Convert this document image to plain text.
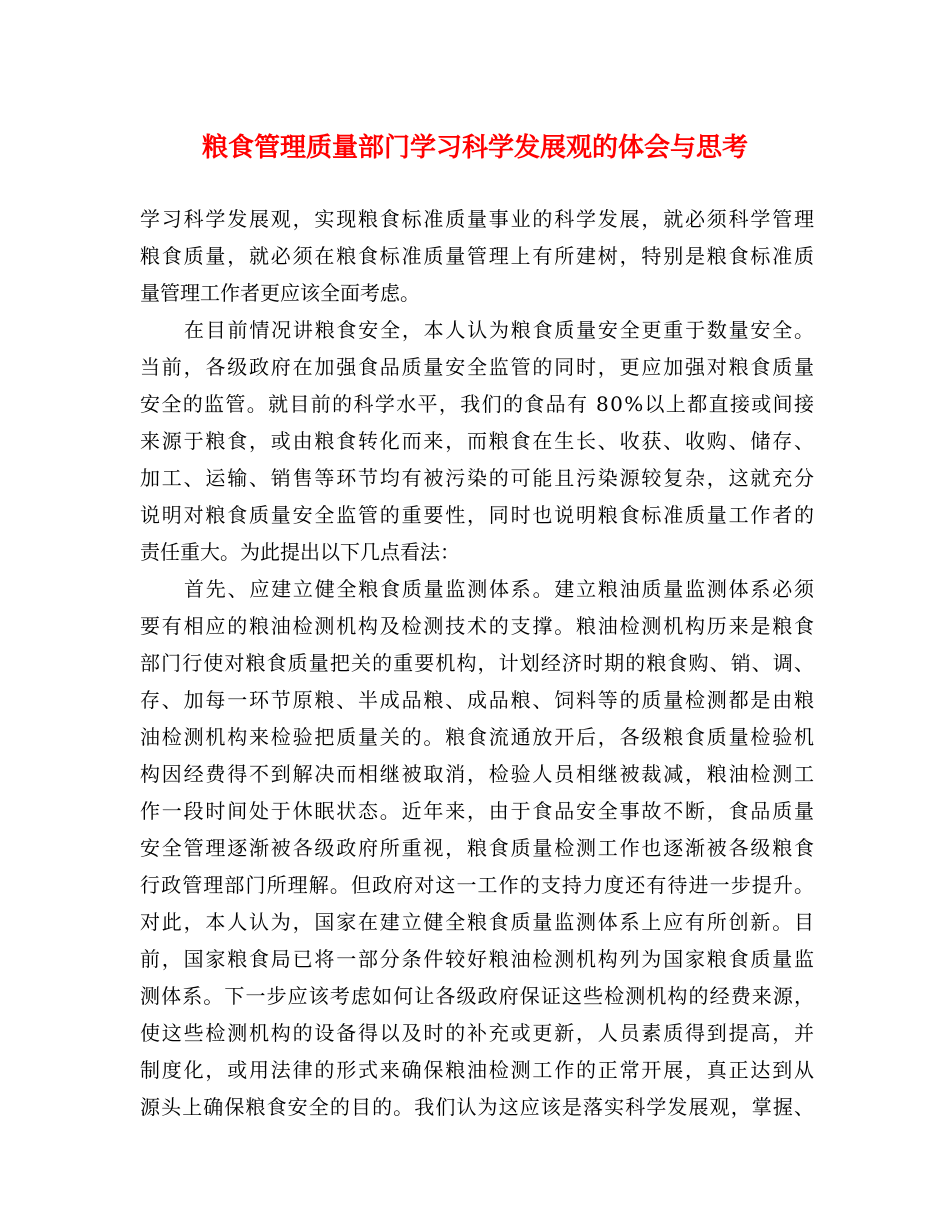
粮食管理质量部门学习科学发展观的体会与思考
学习科学发展观，实现粮食标准质量事业的科学发展，就必须科学管理
粮食质量，就必须在粮食标准质量管理上有所建树，特别是粮食标准质
量管理工作者更应该全面考虑。
在目前情况讲粮食安全，本人认为粮食质量安全更重于数量安全。
当前，各级政府在加强食品质量安全监管的同时，更应加强对粮食质量
安全的监管。就目前的科学水平，我们的食品有 80%以上都直接或间接
来源于粮食，或由粮食转化而来，而粮食在生长、收获、收购、储存、
加工、运输、销售等环节均有被污染的可能且污染源较复杂，这就充分
说明对粮食质量安全监管的重要性，同时也说明粮食标准质量工作者的
责任重大。为此提出以下几点看法：
首先、应建立健全粮食质量监测体系。建立粮油质量监测体系必须
要有相应的粮油检测机构及检测技术的支撑。粮油检测机构历来是粮食
部门行使对粮食质量把关的重要机构，计划经济时期的粮食购、销、调、
存、加每一环节原粮、半成品粮、成品粮、饲料等的质量检测都是由粮
油检测机构来检验把质量关的。粮食流通放开后，各级粮食质量检验机
构因经费得不到解决而相继被取消，检验人员相继被裁减，粮油检测工
作一段时间处于休眠状态。近年来，由于食品安全事故不断，食品质量
安全管理逐渐被各级政府所重视，粮食质量检测工作也逐渐被各级粮食
行政管理部门所理解。但政府对这一工作的支持力度还有待进一步提升。
对此，本人认为，国家在建立健全粮食质量监测体系上应有所创新。目
前，国家粮食局已将一部分条件较好粮油检测机构列为国家粮食质量监
测体系。下一步应该考虑如何让各级政府保证这些检测机构的经费来源，
使这些检测机构的设备得以及时的补充或更新，人员素质得到提高，并
制度化，或用法律的形式来确保粮油检测工作的正常开展，真正达到从
源头上确保粮食安全的目的。我们认为这应该是落实科学发展观，掌握、
